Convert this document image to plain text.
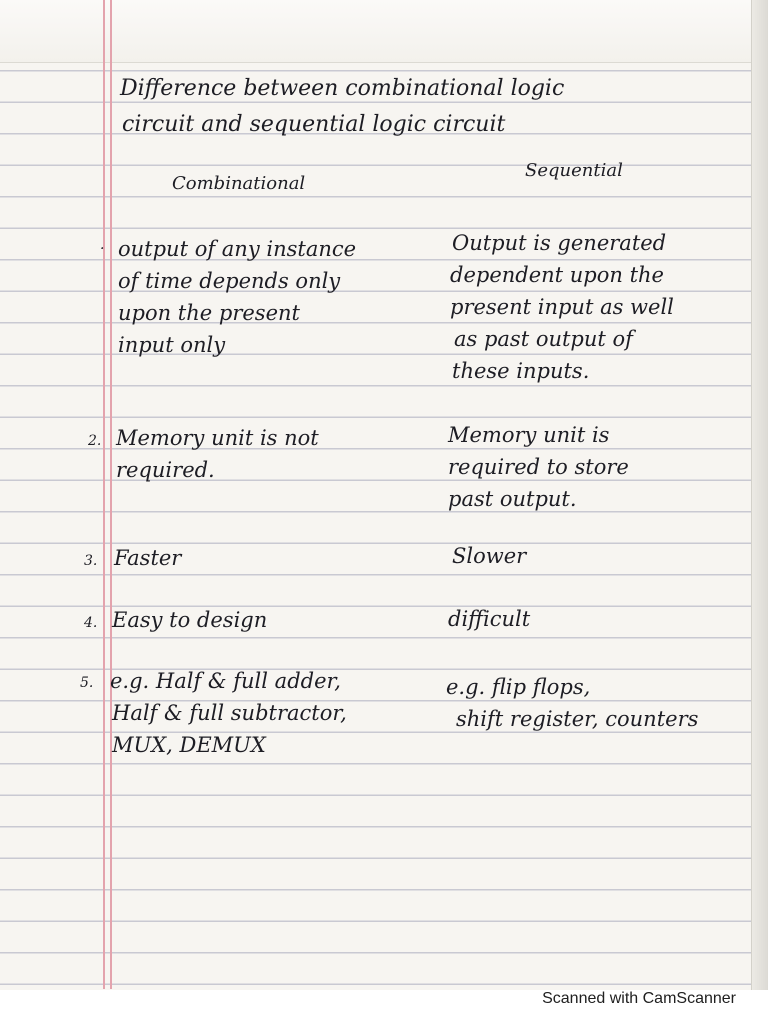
Difference between combinational logic

circuit and sequential logic circuit

Combinational

Sequential

· output of any instance

of time depends only

upon the present

input only

Output is generated

dependent upon the

present input as well

as past output of

these inputs.

2. Memory unit is not

required.

Memory unit is

required to store

past output.

3. Faster	Slower

4. Easy to design	difficult

5. e.g. Half & full adder,

Half & full subtractor,

MUX, DEMUX

e.g. flip flops,

shift register, counters

Scanned with CamScanner
